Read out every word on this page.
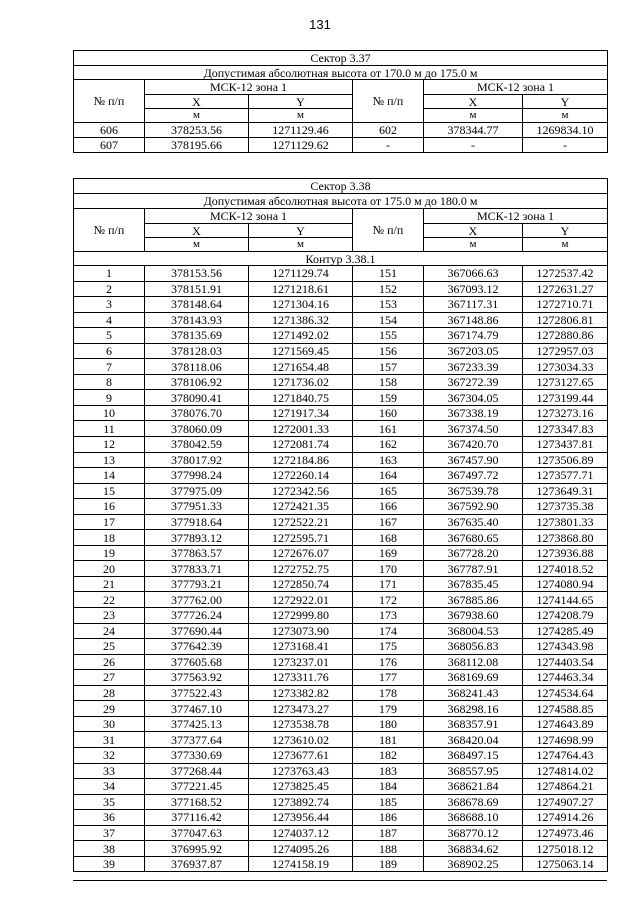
131
Сектор 3.37					
Допустимая абсолютная высота от 170.0 м до 175.0 м					
№ п/п	МСК-12 зона 1		№ п/п	МСК-12 зона 1	
	X	Y		X	Y
	м	м		м	м
606	378253.56	1271129.46	602	378344.77	1269834.10
607	378195.66	1271129.62	-	-	-
Сектор 3.38					
Допустимая абсолютная высота от 175.0 м до 180.0 м					
№ п/п	МСК-12 зона 1		№ п/п	МСК-12 зона 1	
	X	Y		X	Y
	м	м		м	м
Контур 3.38.1					
1	378153.56	1271129.74	151	367066.63	1272537.42
2	378151.91	1271218.61	152	367093.12	1272631.27
3	378148.64	1271304.16	153	367117.31	1272710.71
4	378143.93	1271386.32	154	367148.86	1272806.81
5	378135.69	1271492.02	155	367174.79	1272880.86
6	378128.03	1271569.45	156	367203.05	1272957.03
7	378118.06	1271654.48	157	367233.39	1273034.33
8	378106.92	1271736.02	158	367272.39	1273127.65
9	378090.41	1271840.75	159	367304.05	1273199.44
10	378076.70	1271917.34	160	367338.19	1273273.16
11	378060.09	1272001.33	161	367374.50	1273347.83
12	378042.59	1272081.74	162	367420.70	1273437.81
13	378017.92	1272184.86	163	367457.90	1273506.89
14	377998.24	1272260.14	164	367497.72	1273577.71
15	377975.09	1272342.56	165	367539.78	1273649.31
16	377951.33	1272421.35	166	367592.90	1273735.38
17	377918.64	1272522.21	167	367635.40	1273801.33
18	377893.12	1272595.71	168	367680.65	1273868.80
19	377863.57	1272676.07	169	367728.20	1273936.88
20	377833.71	1272752.75	170	367787.91	1274018.52
21	377793.21	1272850.74	171	367835.45	1274080.94
22	377762.00	1272922.01	172	367885.86	1274144.65
23	377726.24	1272999.80	173	367938.60	1274208.79
24	377690.44	1273073.90	174	368004.53	1274285.49
25	377642.39	1273168.41	175	368056.83	1274343.98
26	377605.68	1273237.01	176	368112.08	1274403.54
27	377563.92	1273311.76	177	368169.69	1274463.34
28	377522.43	1273382.82	178	368241.43	1274534.64
29	377467.10	1273473.27	179	368298.16	1274588.85
30	377425.13	1273538.78	180	368357.91	1274643.89
31	377377.64	1273610.02	181	368420.04	1274698.99
32	377330.69	1273677.61	182	368497.15	1274764.43
33	377268.44	1273763.43	183	368557.95	1274814.02
34	377221.45	1273825.45	184	368621.84	1274864.21
35	377168.52	1273892.74	185	368678.69	1274907.27
36	377116.42	1273956.44	186	368688.10	1274914.26
37	377047.63	1274037.12	187	368770.12	1274973.46
38	376995.92	1274095.26	188	368834.62	1275018.12
39	376937.87	1274158.19	189	368902.25	1275063.14
